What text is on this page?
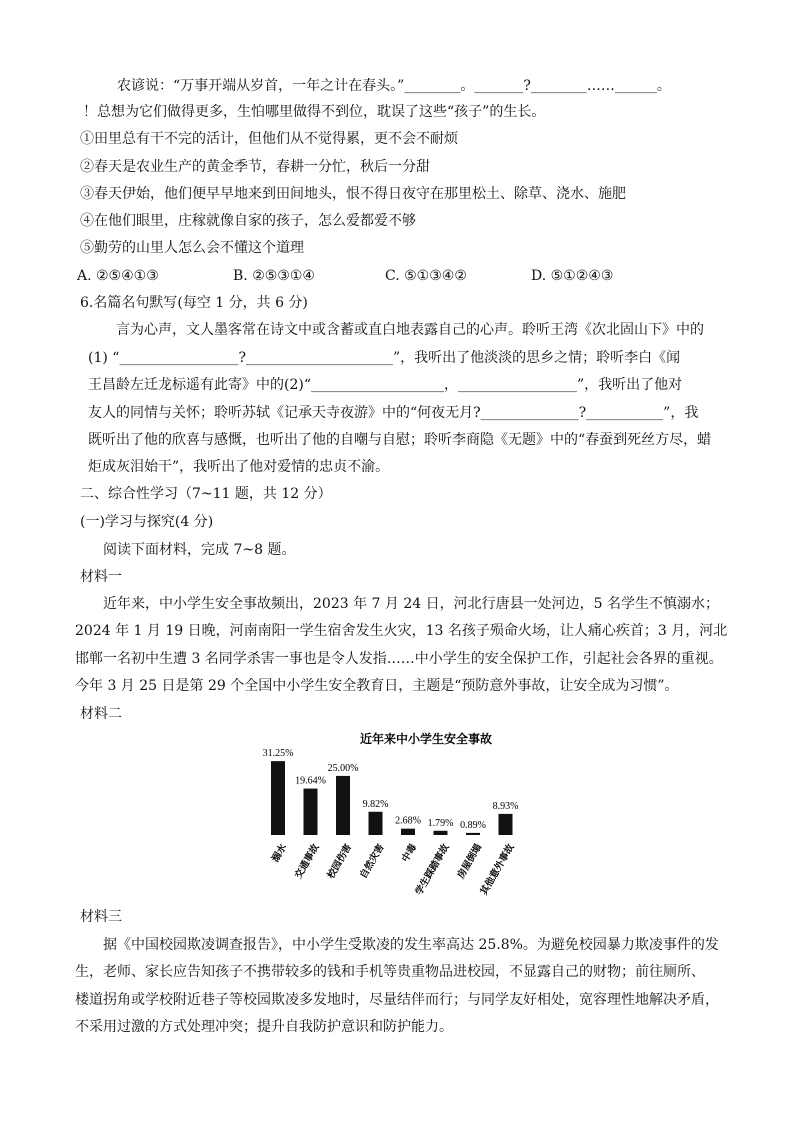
农谚说：“万事开端从岁首，一年之计在春头。”________。_______?________……______。
！总想为它们做得更多，生怕哪里做得不到位，耽误了这些“孩子”的生长。
①田里总有干不完的活计，但他们从不觉得累，更不会不耐烦
②春天是农业生产的黄金季节，春耕一分忙，秋后一分甜
③春天伊始，他们便早早地来到田间地头，恨不得日夜守在那里松土、除草、浇水、施肥
④在他们眼里，庄稼就像自家的孩子，怎么爱都爱不够
⑤勤劳的山里人怎么会不懂这个道理
A. ②⑤④①③	B. ②⑤③①④	C. ⑤①③④②	D. ⑤①②④③
6.名篇名句默写(每空 1 分，共 6 分)
言为心声，文人墨客常在诗文中或含蓄或直白地表露自己的心声。聆听王湾《次北固山下》中的
(1) “_________________?_____________________”，我听出了他淡淡的思乡之情；聆听李白《闻
王昌龄左迁龙标遥有此寄》中的(2)“___________________，_________________”，我听出了他对
友人的同情与关怀；聆听苏轼《记承天寺夜游》中的“何夜无月?______________?___________”，我
既听出了他的欣喜与感慨，也听出了他的自嘲与自慰；聆听李商隐《无题》中的“春蚕到死丝方尽，蜡
炬成灰泪始干”，我听出了他对爱情的忠贞不渝。
二、综合性学习（7~11 题，共 12 分）
(一)学习与探究(4 分)
阅读下面材料，完成 7~8 题。
材料一
近年来，中小学生安全事故频出，2023 年 7 月 24 日，河北行唐县一处河边，5 名学生不慎溺水；
2024 年 1 月 19 日晚，河南南阳一学生宿舍发生火灾，13 名孩子殒命火场，让人痛心疾首；3 月，河北
邯郸一名初中生遭 3 名同学杀害一事也是令人发指……中小学生的安全保护工作，引起社会各界的重视。
今年 3 月 25 日是第 29 个全国中小学生安全教育日，主题是“预防意外事故，让安全成为习惯”。
材料二
近年来中小学生安全事故
31.25%
溺水
19.64%
交通事故
25.00%
校园伤害
9.82%
自然灾害
2.68%
中毒
1.79%
学生踩踏事故
0.89%
房屋倒塌
8.93%
其他意外事故
材料三
据《中国校园欺凌调查报告》，中小学生受欺凌的发生率高达 25.8%。为避免校园暴力欺凌事件的发
生，老师、家长应告知孩子不携带较多的钱和手机等贵重物品进校园，不显露自己的财物；前往厕所、
楼道拐角或学校附近巷子等校园欺凌多发地时，尽量结伴而行；与同学友好相处，宽容理性地解决矛盾，
不采用过激的方式处理冲突；提升自我防护意识和防护能力。
